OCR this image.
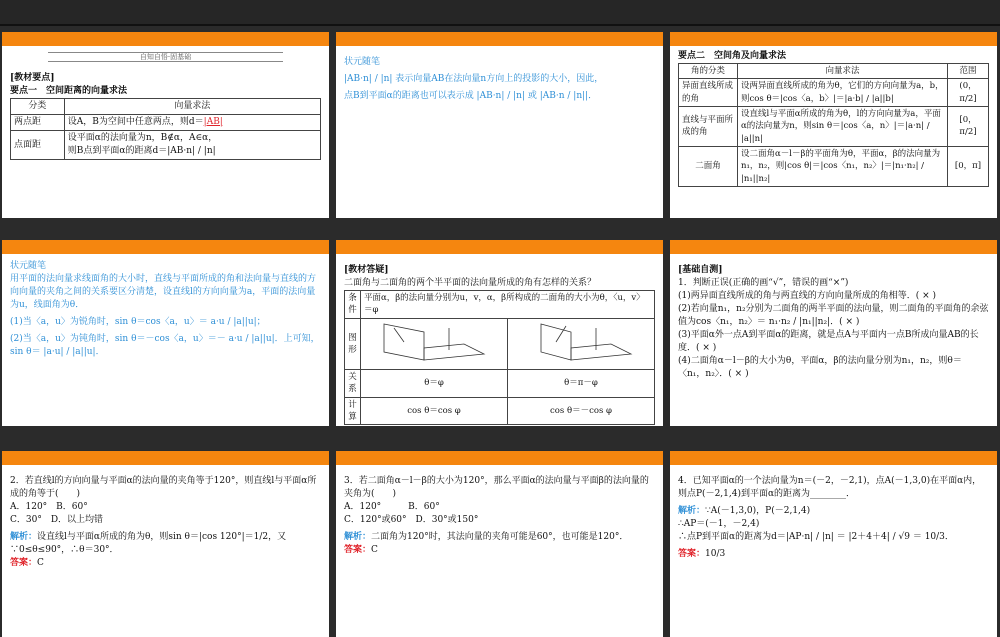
自知自悟·固基础

[教材要点]

要点一　空间距离的向量求法

分类	向量求法
两点距	设A，B为空间中任意两点，则d＝|AB|
点面距	设平面α的法向量为n，B∉α，A∈α，

则B点到平面α的距离d＝|AB·n| / |n|

状元随笔

|AB·n| / |n| 表示向量AB在法向量n方向上的投影的大小，因此，

点B到平面α的距离也可以表示成 |AB·n| / |n| 或 |AB·n / |n||．

要点二　空间角及向量求法

角的分类	向量求法	范围
异面直线所成的角	设两异面直线所成的角为θ，它们的方向向量为a，b，则cos θ＝|cos〈a，b〉|＝|a·b| / |a||b|	(0，π/2]
直线与平面所成的角	设直线l与平面α所成的角为θ，l的方向向量为a，平面α的法向量为n，则sin θ＝|cos〈a，n〉|＝|a·n| / |a||n|	[0，π/2]
二面角	设二面角α－l－β的平面角为θ，平面α，β的法向量为n₁，n₂，则|cos θ|＝|cos〈n₁，n₂〉|＝|n₁·n₂| / |n₁||n₂|	[0，π]

状元随笔

用平面的法向量求线面角的大小时，直线与平面所成的角和法向量与直线的方向向量的夹角之间的关系要区分清楚，设直线l的方向向量为a，平面的法向量为u，线面角为θ．

(1)当〈a，u〉为锐角时，sin θ＝cos〈a，u〉＝ a·u / |a||u|；

(2)当〈a，u〉为钝角时，sin θ＝－cos〈a，u〉＝－ a·u / |a||u|．上可知，sin θ＝ |a·u| / |a||u|．

[教材答疑]

二面角与二面角的两个半平面的法向量所成的角有怎样的关系？

条件	平面α，β的法向量分别为u，v，α，β所构成的二面角的大小为θ，〈u，v〉＝φ	
图形		
关系	θ＝φ	θ＝π－φ
计算	cos θ＝cos φ	cos θ＝－cos φ

[基础自测]

1．判断正误(正确的画“√”，错误的画“×”)

(1)两异面直线所成的角与两直线的方向向量所成的角相等．( × )

(2)若向量n₁，n₂分别为二面角的两半平面的法向量，则二面角的平面角的余弦值为cos〈n₁，n₂〉＝ n₁·n₂ / |n₁||n₂|．( × )

(3)平面α外一点A到平面α的距离，就是点A与平面内一点B所成向量AB的长度．( × )

(4)二面角α－l－β的大小为θ，平面α，β的法向量分别为n₁，n₂，则θ＝〈n₁，n₂〉．( × )

2．若直线l的方向向量与平面α的法向量的夹角等于120°，则直线l与平面α所成的角等于(　　)

A．120°　B．60°

C．30°　D．以上均错

解析：设直线l与平面α所成的角为θ，则sin θ＝|cos 120°|＝1/2，又∵0≤θ≤90°，∴θ＝30°．

答案：C

3．若二面角α－l－β的大小为120°，那么平面α的法向量与平面β的法向量的夹角为(　　)

A．120°　　　B．60°

C．120°或60°　D．30°或150°

解析：二面角为120°时，其法向量的夹角可能是60°，也可能是120°．

答案：C

4．已知平面α的一个法向量为n＝(－2，－2,1)，点A(－1,3,0)在平面α内，则点P(－2,1,4)到平面α的距离为________．

解析：∵A(－1,3,0)，P(－2,1,4)

∴AP＝(－1，－2,4)

∴点P到平面α的距离为d＝|AP·n| / |n| ＝ |2＋4＋4| / √9 ＝ 10/3．

答案：10/3
